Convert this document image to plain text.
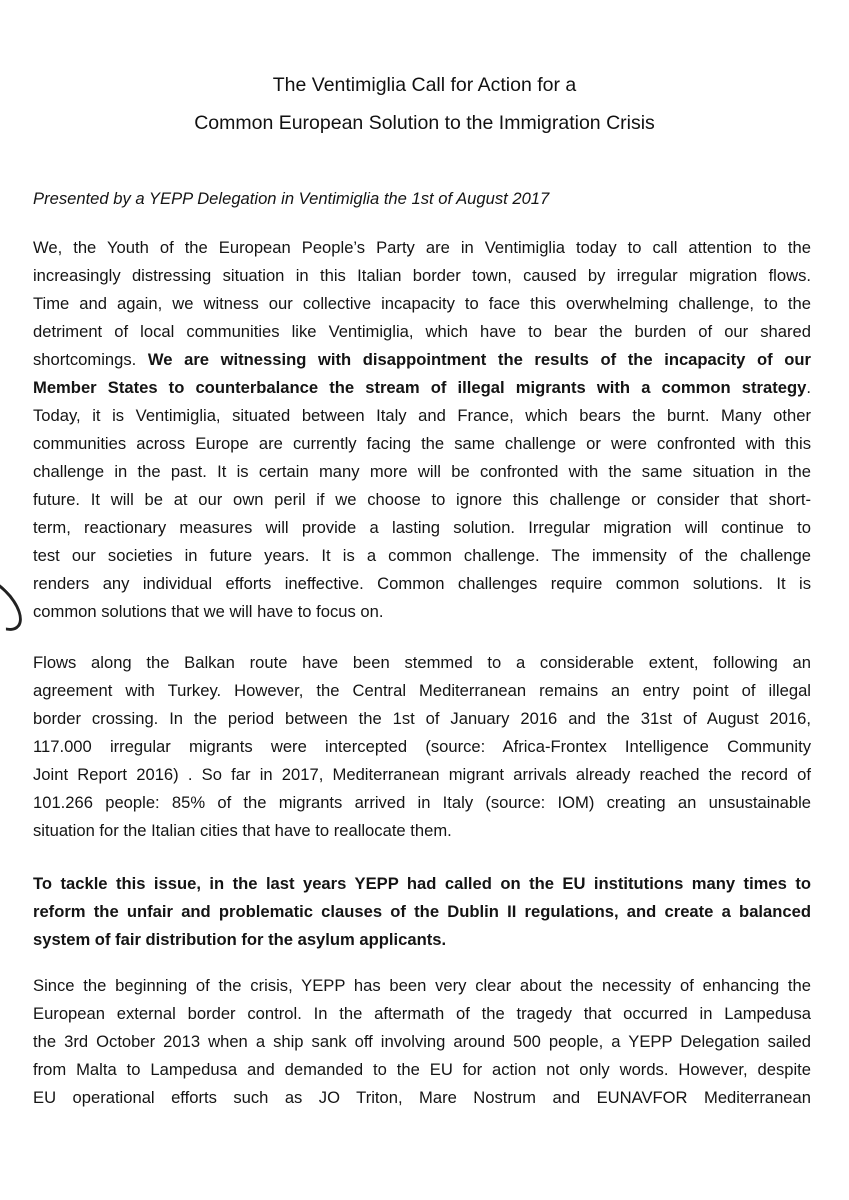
The Ventimiglia Call for Action for a
Common European Solution to the Immigration Crisis
Presented by a YEPP Delegation in Ventimiglia the 1st of August 2017
We, the Youth of the European People’s Party are in Ventimiglia today to call attention to the
increasingly distressing situation in this Italian border town, caused by irregular migration flows.
Time and again, we witness our collective incapacity to face this overwhelming challenge, to the
detriment of local communities like Ventimiglia, which have to bear the burden of our shared
shortcomings. We are witnessing with disappointment the results of the incapacity of our
Member States to counterbalance the stream of illegal migrants with a common strategy.
Today, it is Ventimiglia, situated between Italy and France, which bears the burnt. Many other
communities across Europe are currently facing the same challenge or were confronted with this
challenge in the past. It is certain many more will be confronted with the same situation in the
future. It will be at our own peril if we choose to ignore this challenge or consider that short-
term, reactionary measures will provide a lasting solution. Irregular migration will continue to
test our societies in future years. It is a common challenge. The immensity of the challenge
renders any individual efforts ineffective. Common challenges require common solutions. It is
common solutions that we will have to focus on.
Flows along the Balkan route have been stemmed to a considerable extent, following an
agreement with Turkey. However, the Central Mediterranean remains an entry point of illegal
border crossing. In the period between the 1st of January 2016 and the 31st of August 2016,
117.000 irregular migrants were intercepted (source: Africa-Frontex Intelligence Community
Joint Report 2016) . So far in 2017, Mediterranean migrant arrivals already reached the record of
101.266 people: 85% of the migrants arrived in Italy (source: IOM) creating an unsustainable
situation for the Italian cities that have to reallocate them.
To tackle this issue, in the last years YEPP had called on the EU institutions many times to
reform the unfair and problematic clauses of the Dublin II regulations, and create a balanced
system of fair distribution for the asylum applicants.
Since the beginning of the crisis, YEPP has been very clear about the necessity of enhancing the
European external border control. In the aftermath of the tragedy that occurred in Lampedusa
the 3rd October 2013 when a ship sank off involving around 500 people, a YEPP Delegation sailed
from Malta to Lampedusa and demanded to the EU for action not only words. However, despite
EU operational efforts such as JO Triton, Mare Nostrum and EUNAVFOR Mediterranean
